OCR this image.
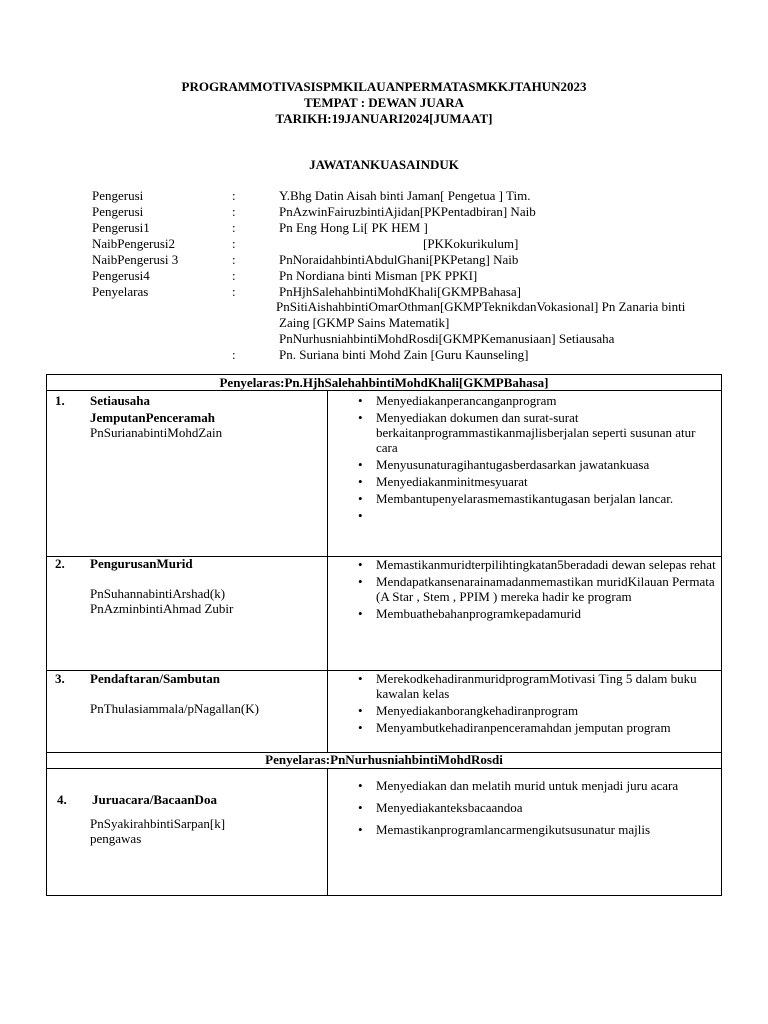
PROGRAMMOTIVASISPMKILAUANPERMATASMKKJTAHUN2023
TEMPAT : DEWAN JUARA
TARIKH:19JANUARI2024[JUMAAT]
JAWATANKUASAINDUK
Pengerusi	:	Y.Bhg Datin Aisah binti Jaman[ Pengetua ] Tim.
Pengerusi	:	PnAzwinFairuzbintiAjidan[PKPentadbiran] Naib
Pengerusi1	:	Pn Eng Hong Li[ PK HEM ]
NaibPengerusi2	:	[PKKokurikulum]
NaibPengerusi 3	:	PnNoraidahbintiAbdulGhani[PKPetang] Naib
Pengerusi4	:	Pn Nordiana binti Misman [PK PPKI]
Penyelaras	:	PnHjhSalehahbintiMohdKhali[GKMPBahasa]
PnSitiAishahbintiOmarOthman[GKMPTeknikdanVokasional] Pn Zanaria binti
Zaing [GKMP Sains Matematik]
PnNurhusniahbintiMohdRosdi[GKMPKemanusiaan] Setiausaha
:	Pn. Suriana binti Mohd Zain [Guru Kaunseling]
Penyelaras:Pn.HjhSalehahbintiMohdKhali[GKMPBahasa]
1. Setiausaha
JemputanPenceramah
PnSurianabintiMohdZain
• Menyediakanperancanganprogram
• Menyediakan dokumen dan surat-surat berkaitanprogrammastikanmajlisberjalan seperti susunan atur cara
• Menyusunaturagihantugasberdasarkan jawatankuasa
• Menyediakanminitmesyuarat
• Membantupenyelarasmemastikantugasan berjalan lancar.
2. PengurusanMurid
PnSuhannabintiArshad(k)
PnAzminbintiAhmad Zubir
• Memastikanmuridterpilihtingkatan5beradadi dewan selepas rehat
• Mendapatkansenarainamadanmemastikan muridKilauan Permata (A Star , Stem , PPIM ) mereka hadir ke program
• Membuathebahanprogramkepadamurid
3. Pendaftaran/Sambutan
PnThulasiammala/pNagallan(K)
• MerekodkehadiranmuridprogramMotivasi Ting 5 dalam buku kawalan kelas
• Menyediakanborangkehadiranprogram
• Menyambutkehadiranpenceramahdan jemputan program
Penyelaras:PnNurhusniahbintiMohdRosdi
4. Juruacara/BacaanDoa
PnSyakirahbintiSarpan[k]
pengawas
• Menyediakan dan melatih murid untuk menjadi juru acara
• Menyediakanteksbacaandoa
• Memastikanprogramlancarmengikutsusunatur majlis
